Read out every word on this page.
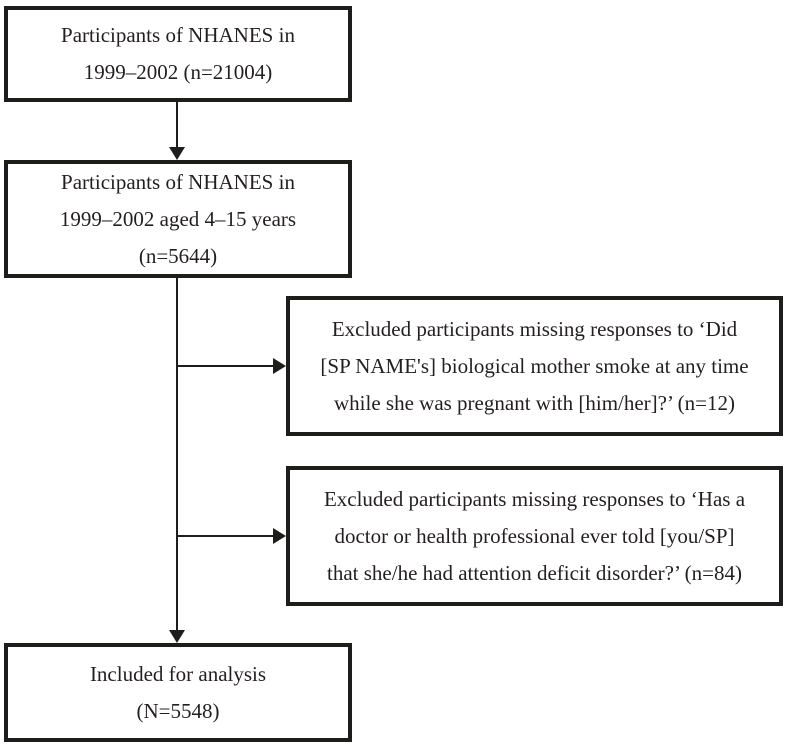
Participants of NHANES in
1999–2002 (n=21004)
Participants of NHANES in
1999–2002 aged 4–15 years
(n=5644)
Excluded participants missing responses to ‘Did
[SP NAME's] biological mother smoke at any time
while she was pregnant with [him/her]?’ (n=12)
Excluded participants missing responses to ‘Has a
doctor or health professional ever told [you/SP]
that she/he had attention deficit disorder?’ (n=84)
Included for analysis
(N=5548)
